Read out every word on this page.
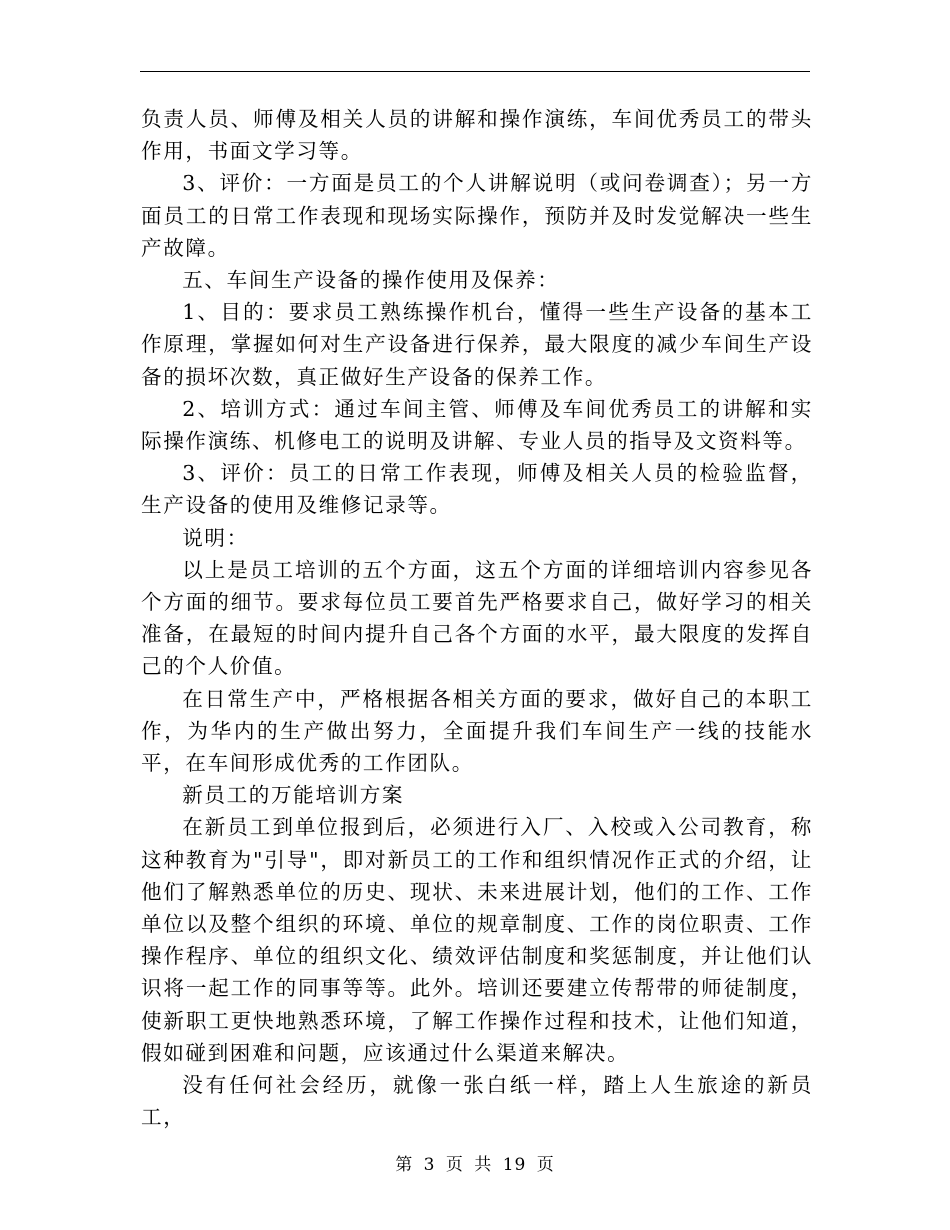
负责人员、师傅及相关人员的讲解和操作演练，车间优秀员工的带头作用，书面文学习等。

3、评价：一方面是员工的个人讲解说明（或问卷调查）；另一方面员工的日常工作表现和现场实际操作，预防并及时发觉解决一些生产故障。

五、车间生产设备的操作使用及保养：

1、目的：要求员工熟练操作机台，懂得一些生产设备的基本工作原理，掌握如何对生产设备进行保养，最大限度的减少车间生产设备的损坏次数，真正做好生产设备的保养工作。

2、培训方式：通过车间主管、师傅及车间优秀员工的讲解和实际操作演练、机修电工的说明及讲解、专业人员的指导及文资料等。

3、评价：员工的日常工作表现，师傅及相关人员的检验监督，生产设备的使用及维修记录等。

说明：

以上是员工培训的五个方面，这五个方面的详细培训内容参见各个方面的细节。要求每位员工要首先严格要求自己，做好学习的相关准备，在最短的时间内提升自己各个方面的水平，最大限度的发挥自己的个人价值。

在日常生产中，严格根据各相关方面的要求，做好自己的本职工作，为华内的生产做出努力，全面提升我们车间生产一线的技能水平，在车间形成优秀的工作团队。

新员工的万能培训方案

在新员工到单位报到后，必须进行入厂、入校或入公司教育，称这种教育为"引导"，即对新员工的工作和组织情况作正式的介绍，让他们了解熟悉单位的历史、现状、未来进展计划，他们的工作、工作单位以及整个组织的环境、单位的规章制度、工作的岗位职责、工作操作程序、单位的组织文化、绩效评估制度和奖惩制度，并让他们认识将一起工作的同事等等。此外。培训还要建立传帮带的师徒制度，使新职工更快地熟悉环境，了解工作操作过程和技术，让他们知道，假如碰到困难和问题，应该通过什么渠道来解决。

没有任何社会经历，就像一张白纸一样，踏上人生旅途的新员工，

第 3 页 共 19 页
